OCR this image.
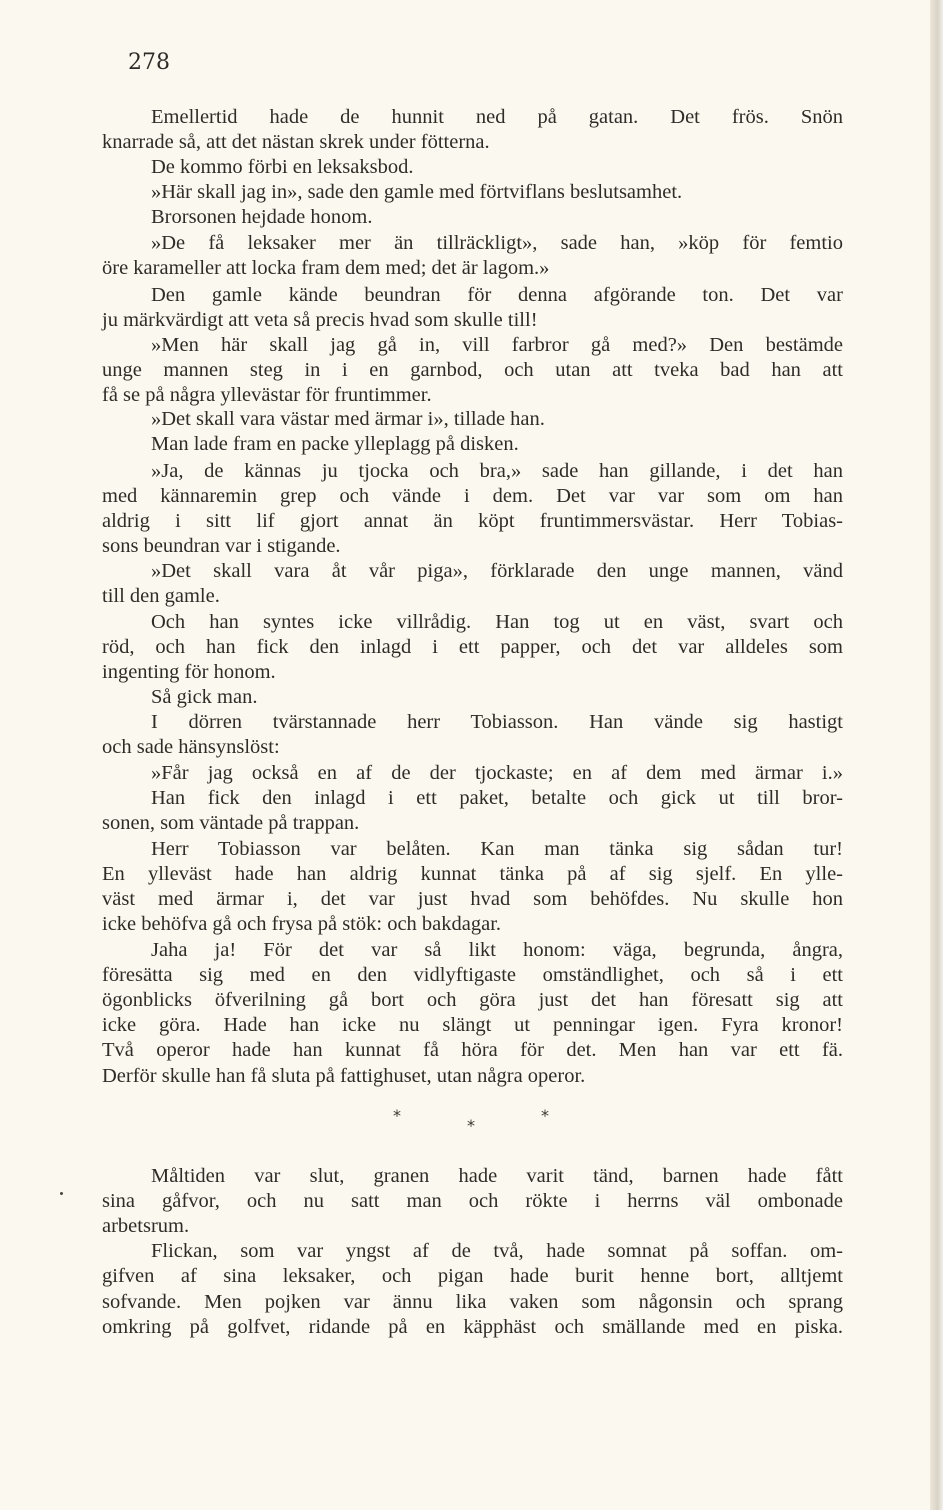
278
Emellertid hade de hunnit ned på gatan. Det frös. Snön
knarrade så, att det nästan skrek under fötterna.
De kommo förbi en leksaksbod.
»Här skall jag in», sade den gamle med förtviflans beslutsamhet.
Brorsonen hejdade honom.
»De få leksaker mer än tillräckligt», sade han, »köp för femtio
öre karameller att locka fram dem med; det är lagom.»
Den gamle kände beundran för denna afgörande ton. Det var
ju märkvärdigt att veta så precis hvad som skulle till!
»Men här skall jag gå in, vill farbror gå med?» Den bestämde
unge mannen steg in i en garnbod, och utan att tveka bad han att
få se på några yllevästar för fruntimmer.
»Det skall vara västar med ärmar i», tillade han.
Man lade fram en packe ylleplagg på disken.
»Ja, de kännas ju tjocka och bra,» sade han gillande, i det han
med kännaremin grep och vände i dem. Det var var som om han
aldrig i sitt lif gjort annat än köpt fruntimmersvästar. Herr Tobias-
sons beundran var i stigande.
»Det skall vara åt vår piga», förklarade den unge mannen, vänd
till den gamle.
Och han syntes icke villrådig. Han tog ut en väst, svart och
röd, och han fick den inlagd i ett papper, och det var alldeles som
ingenting för honom.
Så gick man.
I dörren tvärstannade herr Tobiasson. Han vände sig hastigt
och sade hänsynslöst:
»Får jag också en af de der tjockaste; en af dem med ärmar i.»
Han fick den inlagd i ett paket, betalte och gick ut till bror-
sonen, som väntade på trappan.
Herr Tobiasson var belåten. Kan man tänka sig sådan tur!
En ylleväst hade han aldrig kunnat tänka på af sig sjelf. En ylle-
väst med ärmar i, det var just hvad som behöfdes. Nu skulle hon
icke behöfva gå och frysa på stök: och bakdagar.
Jaha ja! För det var så likt honom: väga, begrunda, ångra,
föresätta sig med en den vidlyftigaste omständlighet, och så i ett
ögonblicks öfverilning gå bort och göra just det han föresatt sig att
icke göra. Hade han icke nu slängt ut penningar igen. Fyra kronor!
Två operor hade han kunnat få höra för det. Men han var ett fä.
Derför skulle han få sluta på fattighuset, utan några operor.
*
*
*
Måltiden var slut, granen hade varit tänd, barnen hade fått
sina gåfvor, och nu satt man och rökte i herrns väl ombonade
arbetsrum.
Flickan, som var yngst af de två, hade somnat på soffan. om-
gifven af sina leksaker, och pigan hade burit henne bort, alltjemt
sofvande. Men pojken var ännu lika vaken som någonsin och sprang
omkring på golfvet, ridande på en käpphäst och smällande med en piska.
